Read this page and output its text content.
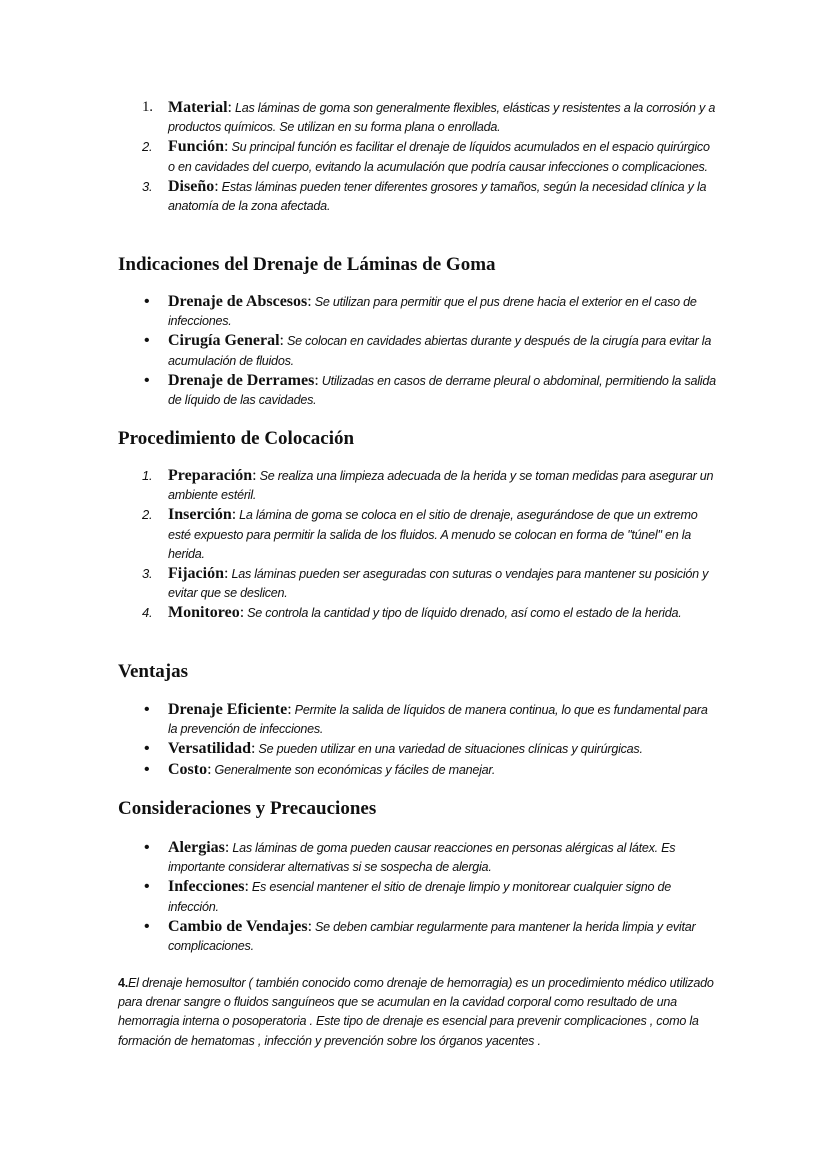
4.El drenaje hemosultor ( también conocido como drenaje de hemorragia) es un procedimiento médico utilizado para drenar sangre o fluidos sanguíneos que se acumulan en la cavidad corporal como resultado de una hemorragia interna o posoperatoria . Este tipo de drenaje es esencial para prevenir complicaciones , como la formación de hematomas , infección y prevención sobre los órganos yacentes .

1. Material: Las láminas de goma son generalmente flexibles, elásticas y resistentes a la corrosión y a productos químicos. Se utilizan en su forma plana o enrollada.
2. Función: Su principal función es facilitar el drenaje de líquidos acumulados en el espacio quirúrgico o en cavidades del cuerpo, evitando la acumulación que podría causar infecciones o complicaciones.
3. Diseño: Estas láminas pueden tener diferentes grosores y tamaños, según la necesidad clínica y la anatomía de la zona afectada.
Indicaciones del Drenaje de Láminas de Goma
• Drenaje de Abscesos: Se utilizan para permitir que el pus drene hacia el exterior en el caso de infecciones.
• Cirugía General: Se colocan en cavidades abiertas durante y después de la cirugía para evitar la acumulación de fluidos.
• Drenaje de Derrames: Utilizadas en casos de derrame pleural o abdominal, permitiendo la salida de líquido de las cavidades.
Procedimiento de Colocación
1. Preparación: Se realiza una limpieza adecuada de la herida y se toman medidas para asegurar un ambiente estéril.
2. Inserción: La lámina de goma se coloca en el sitio de drenaje, asegurándose de que un extremo esté expuesto para permitir la salida de los fluidos. A menudo se colocan en forma de "túnel" en la herida.
3. Fijación: Las láminas pueden ser aseguradas con suturas o vendajes para mantener su posición y evitar que se deslicen.
4. Monitoreo: Se controla la cantidad y tipo de líquido drenado, así como el estado de la herida.
Ventajas
• Drenaje Eficiente: Permite la salida de líquidos de manera continua, lo que es fundamental para la prevención de infecciones.
• Versatilidad: Se pueden utilizar en una variedad de situaciones clínicas y quirúrgicas.
• Costo: Generalmente son económicas y fáciles de manejar.
Consideraciones y Precauciones
• Alergias: Las láminas de goma pueden causar reacciones en personas alérgicas al látex. Es importante considerar alternativas si se sospecha de alergia.
• Infecciones: Es esencial mantener el sitio de drenaje limpio y monitorear cualquier signo de infección.
• Cambio de Vendajes: Se deben cambiar regularmente para mantener la herida limpia y evitar complicaciones.
